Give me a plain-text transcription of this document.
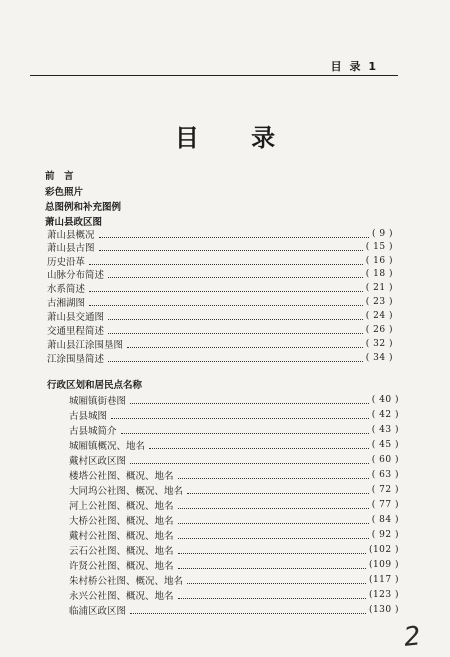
目 录 1
目 录
前　言
彩色照片
总图例和补充图例
萧山县政区图
萧山县概况	( 9 )
萧山县古图	( 15 )
历史沿革	( 16 )
山脉分布简述	( 18 )
水系简述	( 21 )
古湘湖图	( 23 )
萧山县交通图	( 24 )
交通里程简述	( 26 )
萧山县江涂围垦图	( 32 )
江涂围垦简述	( 34 )
行政区划和居民点名称
城厢镇街巷图	( 40 )
古县城图	( 42 )
古县城简介	( 43 )
城厢镇概况、地名	( 45 )
戴村区政区图	( 60 )
楼塔公社图、概况、地名	( 63 )
大同坞公社图、概况、地名	( 72 )
河上公社图、概况、地名	( 77 )
大桥公社图、概况、地名	( 84 )
戴村公社图、概况、地名	( 92 )
云石公社图、概况、地名	(102 )
许贤公社图、概况、地名	(109 )
朱村桥公社图、概况、地名	(117 )
永兴公社图、概况、地名	(123 )
临浦区政区图	(130 )
2
